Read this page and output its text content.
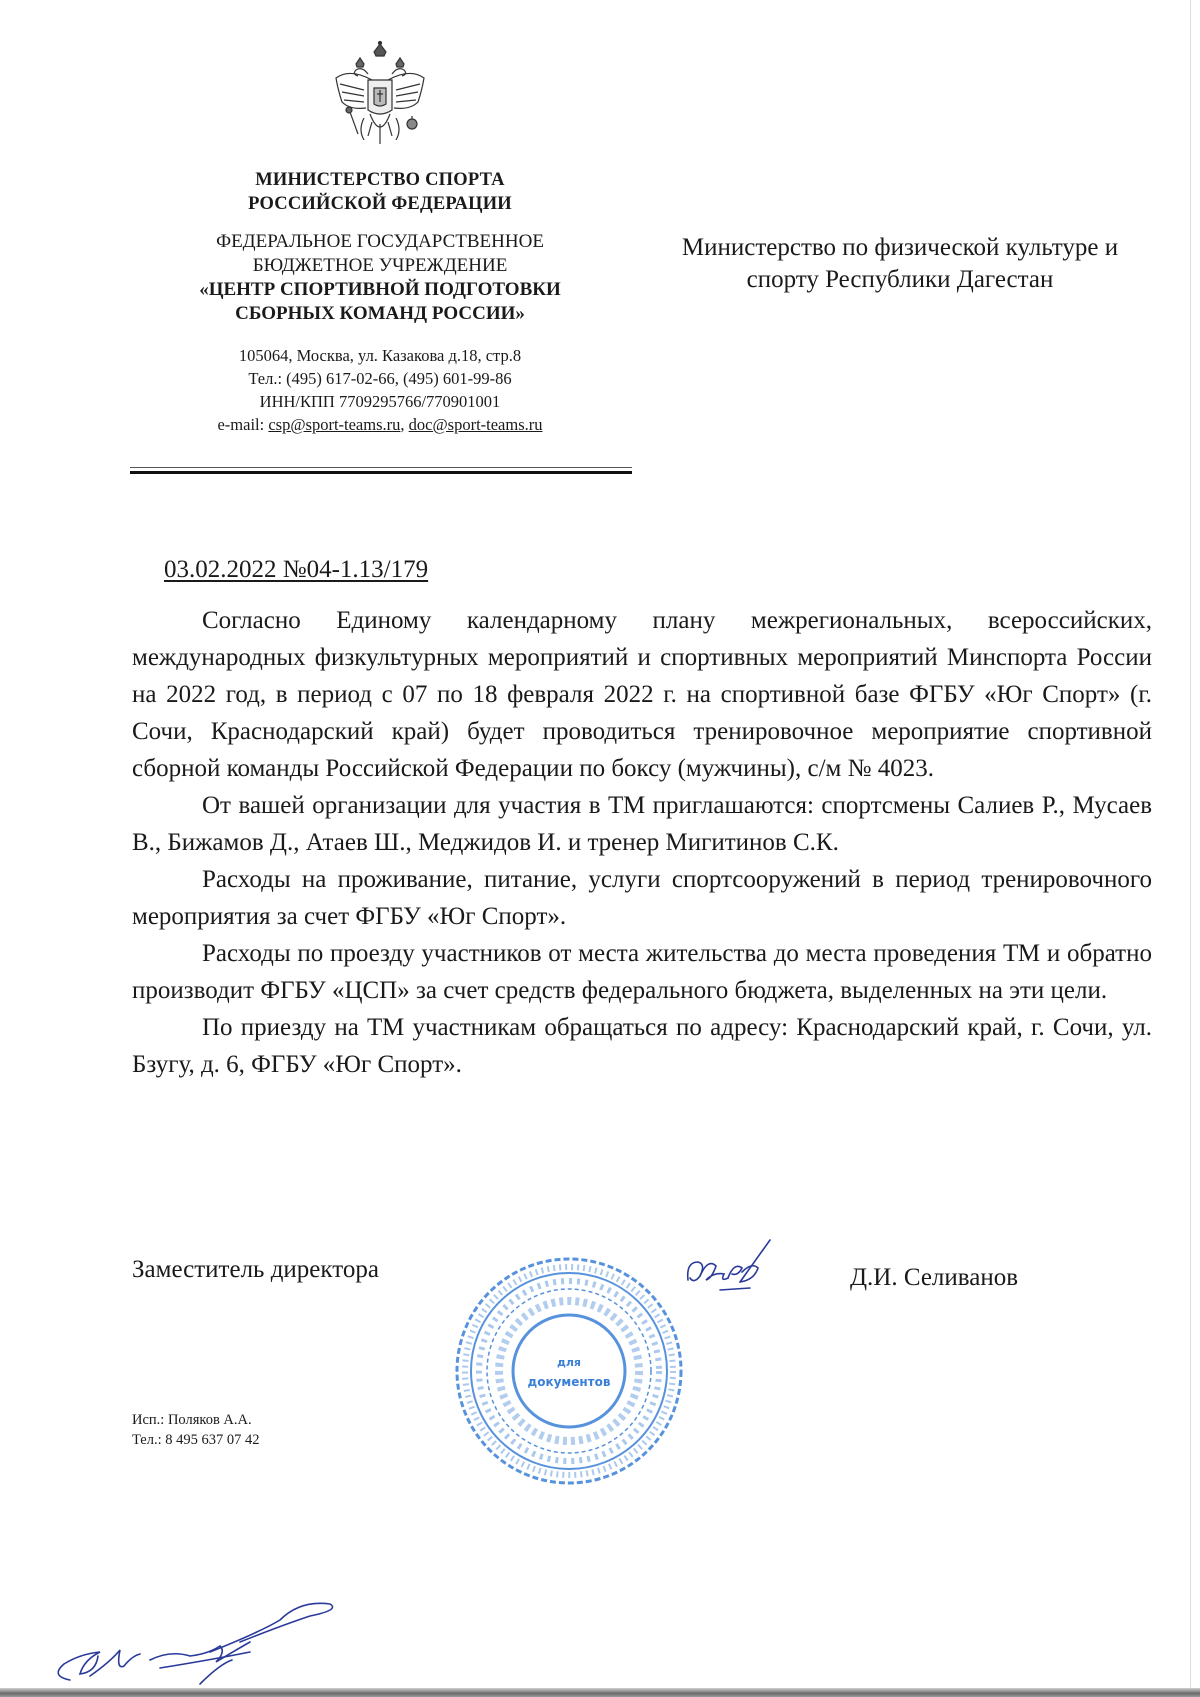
МИНИСТЕРСТВО СПОРТА
РОССИЙСКОЙ ФЕДЕРАЦИИ
ФЕДЕРАЛЬНОЕ ГОСУДАРСТВЕННОЕ
БЮДЖЕТНОЕ УЧРЕЖДЕНИЕ
«ЦЕНТР СПОРТИВНОЙ ПОДГОТОВКИ
СБОРНЫХ КОМАНД РОССИИ»
105064, Москва, ул. Казакова д.18, стр.8
Тел.: (495) 617-02-66, (495) 601-99-86
ИНН/КПП 7709295766/770901001
e-mail: csp@sport-teams.ru, doc@sport-teams.ru
Министерство по физической культуре и
спорту Республики Дагестан
03.02.2022 №04-1.13/179

Согласно Единому календарному плану межрегиональных, всероссийских, международных физкультурных мероприятий и спортивных мероприятий Минспорта России на 2022 год, в период с 07 по 18 февраля 2022 г. на спортивной базе ФГБУ «Юг Спорт» (г. Сочи, Краснодарский край) будет проводиться тренировочное мероприятие спортивной сборной команды Российской Федерации по боксу (мужчины), с/м № 4023.

От вашей организации для участия в ТМ приглашаются: спортсмены Салиев Р., Мусаев В., Бижамов Д., Атаев Ш., Меджидов И. и тренер Мигитинов С.К.

Расходы на проживание, питание, услуги спортсооружений в период тренировочного мероприятия за счет ФГБУ «Юг Спорт».

Расходы по проезду участников от места жительства до места проведения ТМ и обратно производит ФГБУ «ЦСП» за счет средств федерального бюджета, выделенных на эти цели.

По приезду на ТМ участникам обращаться по адресу: Краснодарский край, г. Сочи, ул. Бзугу, д. 6, ФГБУ «Юг Спорт».

Заместитель директора
для
документов
Д.И. Селиванов
Исп.: Поляков А.А.
Тел.: 8 495 637 07 42
